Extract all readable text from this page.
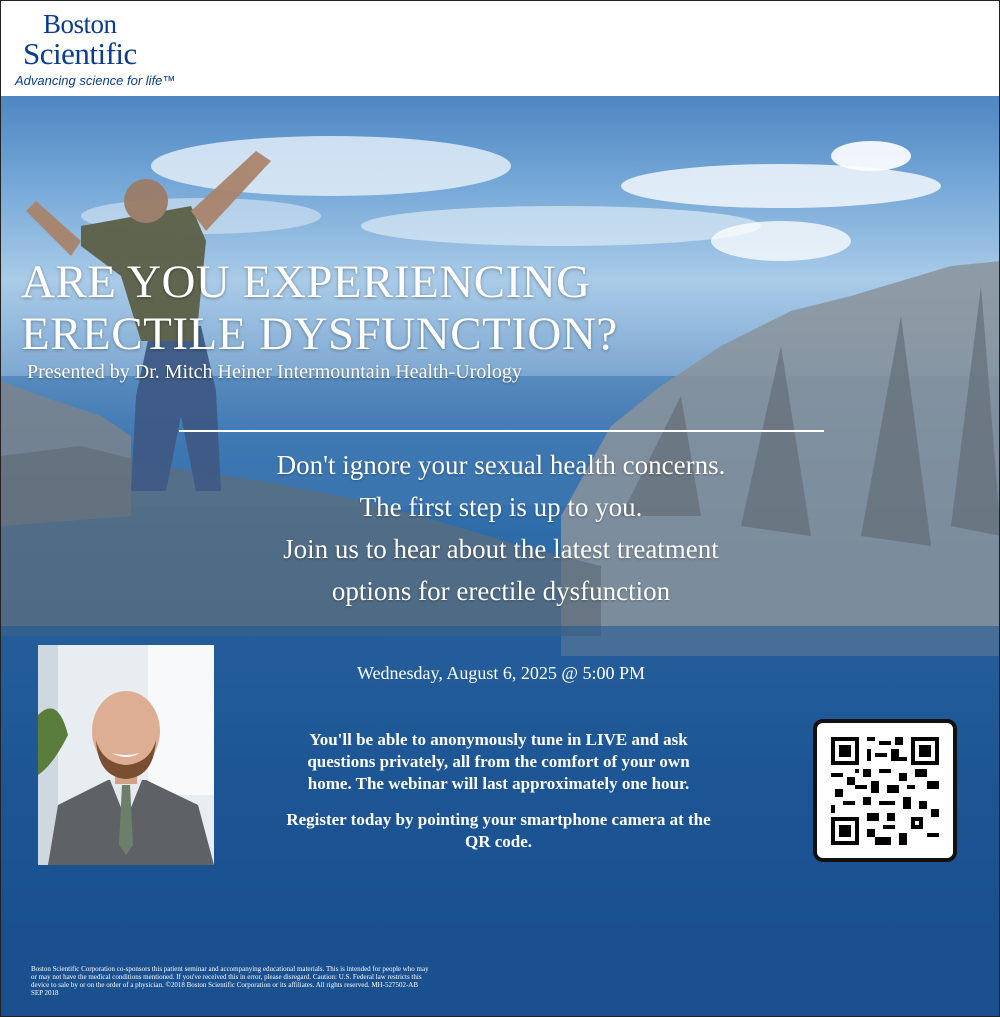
Boston
Scientific
Advancing science for life™
ARE YOU EXPERIENCING
ERECTILE DYSFUNCTION?
Presented by Dr. Mitch Heiner Intermountain Health-Urology
Don't ignore your sexual health concerns.
The first step is up to you.
Join us to hear about the latest treatment
options for erectile dysfunction
Wednesday, August 6, 2025 @ 5:00 PM

You'll be able to anonymously tune in LIVE and ask questions privately, all from the comfort of your own home. The webinar will last approximately one hour.

Register today by pointing your smartphone camera at the QR code.

Boston Scientific Corporation co-sponsors this patient seminar and accompanying educational materials. This is intended for people who may or may not have the medical conditions mentioned. If you've received this in error, please disregard. Caution: U.S. Federal law restricts this device to sale by or on the order of a physician. ©2018 Boston Scientific Corporation or its affiliates. All rights reserved. MH-527502-AB SEP 2018
